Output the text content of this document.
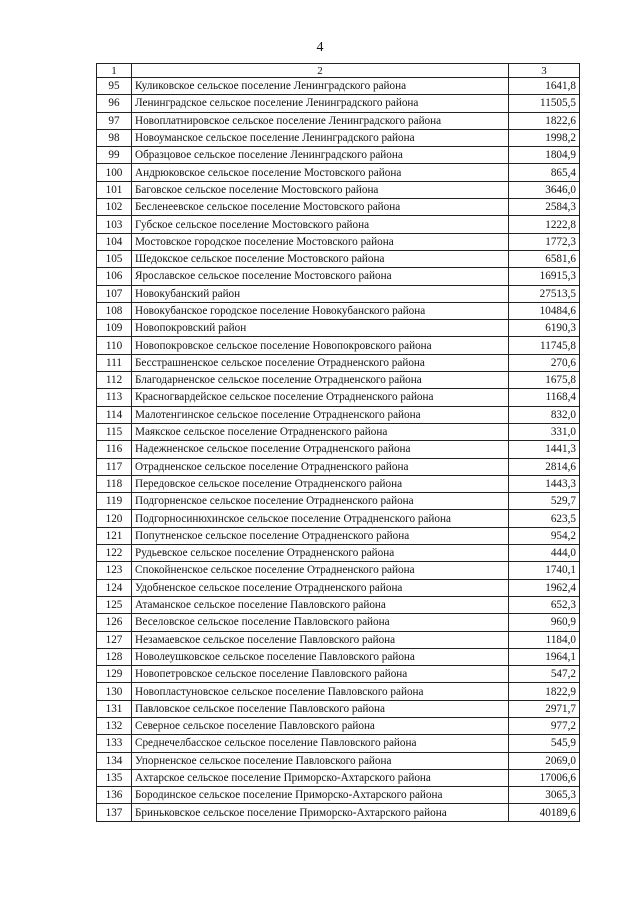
4
1	2	3
95	Куликовское сельское поселение Ленинградского района	1641,8
96	Ленинградское сельское поселение Ленинградского района	11505,5
97	Новоплатнировское сельское поселение Ленинградского района	1822,6
98	Новоуманское сельское поселение Ленинградского района	1998,2
99	Образцовое сельское поселение Ленинградского района	1804,9
100	Андрюковское сельское поселение Мостовского района	865,4
101	Баговское сельское поселение Мостовского района	3646,0
102	Бесленеевское сельское поселение Мостовского района	2584,3
103	Губское сельское поселение Мостовского района	1222,8
104	Мостовское городское поселение Мостовского района	1772,3
105	Шедокское сельское поселение Мостовского района	6581,6
106	Ярославское сельское поселение Мостовского района	16915,3
107	Новокубанский район	27513,5
108	Новокубанское городское поселение Новокубанского района	10484,6
109	Новопокровский район	6190,3
110	Новопокровское сельское поселение Новопокровского района	11745,8
111	Бесстрашненское сельское поселение Отрадненского района	270,6
112	Благодарненское сельское поселение Отрадненского района	1675,8
113	Красногвардейское сельское поселение Отрадненского района	1168,4
114	Малотенгинское сельское поселение Отрадненского района	832,0
115	Маякское сельское поселение Отрадненского района	331,0
116	Надежненское сельское поселение Отрадненского района	1441,3
117	Отрадненское сельское поселение Отрадненского района	2814,6
118	Передовское сельское поселение Отрадненского района	1443,3
119	Подгорненское сельское поселение Отрадненского района	529,7
120	Подгорносинюхинское сельское поселение Отрадненского района	623,5
121	Попутненское сельское поселение Отрадненского района	954,2
122	Рудьевское сельское поселение Отрадненского района	444,0
123	Спокойненское сельское поселение Отрадненского района	1740,1
124	Удобненское сельское поселение Отрадненского района	1962,4
125	Атаманское сельское поселение Павловского района	652,3
126	Веселовское сельское поселение Павловского района	960,9
127	Незамаевское сельское поселение Павловского района	1184,0
128	Новолеушковское сельское поселение Павловского района	1964,1
129	Новопетровское сельское поселение Павловского района	547,2
130	Новопластуновское сельское поселение Павловского района	1822,9
131	Павловское сельское поселение Павловского района	2971,7
132	Северное сельское поселение Павловского района	977,2
133	Среднечелбасское сельское поселение Павловского района	545,9
134	Упорненское сельское поселение Павловского района	2069,0
135	Ахтарское сельское поселение Приморско-Ахтарского района	17006,6
136	Бородинское сельское поселение Приморско-Ахтарского района	3065,3
137	Бриньковское сельское поселение Приморско-Ахтарского района	40189,6
